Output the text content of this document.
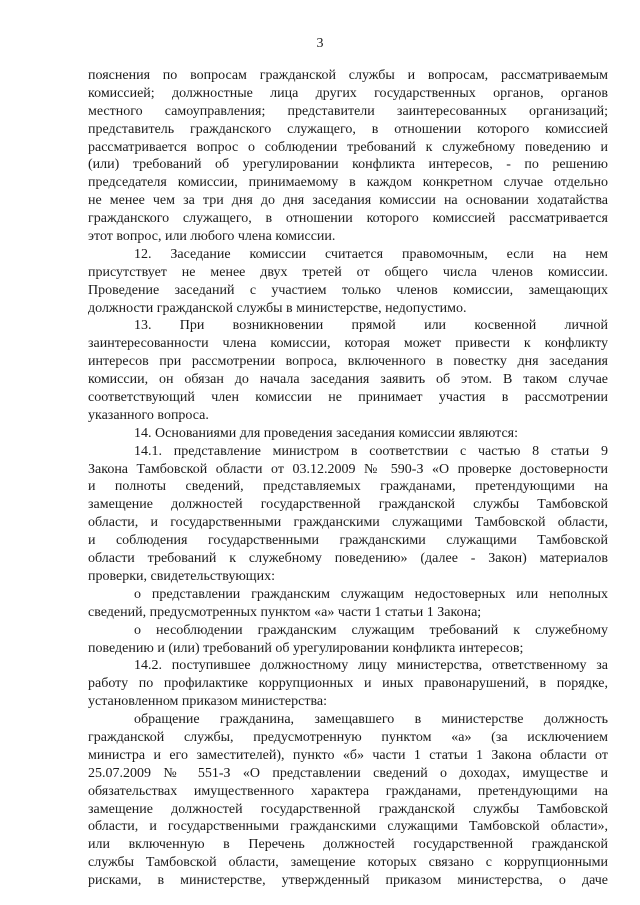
3
пояснения по вопросам гражданской службы и вопросам, рассматриваемым
комиссией; должностные лица других государственных органов, органов
местного самоуправления; представители заинтересованных организаций;
представитель гражданского служащего, в отношении которого комиссией
рассматривается вопрос о соблюдении требований к служебному поведению и
(или) требований об урегулировании конфликта интересов, - по решению
председателя комиссии, принимаемому в каждом конкретном случае отдельно
не менее чем за три дня до дня заседания комиссии на основании ходатайства
гражданского служащего, в отношении которого комиссией рассматривается
этот вопрос, или любого члена комиссии.
12. Заседание комиссии считается правомочным, если на нем
присутствует не менее двух третей от общего числа членов комиссии.
Проведение заседаний с участием только членов комиссии, замещающих
должности гражданской службы в министерстве, недопустимо.
13. При возникновении прямой или косвенной личной
заинтересованности члена комиссии, которая может привести к конфликту
интересов при рассмотрении вопроса, включенного в повестку дня заседания
комиссии, он обязан до начала заседания заявить об этом. В таком случае
соответствующий член комиссии не принимает участия в рассмотрении
указанного вопроса.
14. Основаниями для проведения заседания комиссии являются:
14.1. представление министром в соответствии с частью 8 статьи 9
Закона Тамбовской области от 03.12.2009 № 590-З «О проверке достоверности
и полноты сведений, представляемых гражданами, претендующими на
замещение должностей государственной гражданской службы Тамбовской
области, и государственными гражданскими служащими Тамбовской области,
и соблюдения государственными гражданскими служащими Тамбовской
области требований к служебному поведению» (далее - Закон) материалов
проверки, свидетельствующих:
о представлении гражданским служащим недостоверных или неполных
сведений, предусмотренных пунктом «а» части 1 статьи 1 Закона;
о несоблюдении гражданским служащим требований к служебному
поведению и (или) требований об урегулировании конфликта интересов;
14.2. поступившее должностному лицу министерства, ответственному за
работу по профилактике коррупционных и иных правонарушений, в порядке,
установленном приказом министерства:
обращение гражданина, замещавшего в министерстве должность
гражданской службы, предусмотренную пунктом «а» (за исключением
министра и его заместителей), пункто «б» части 1 статьи 1 Закона области от
25.07.2009 № 551-З «О представлении сведений о доходах, имуществе и
обязательствах имущественного характера гражданами, претендующими на
замещение должностей государственной гражданской службы Тамбовской
области, и государственными гражданскими служащими Тамбовской области»,
или включенную в Перечень должностей государственной гражданской
службы Тамбовской области, замещение которых связано с коррупционными
рисками, в министерстве, утвержденный приказом министерства, о даче
